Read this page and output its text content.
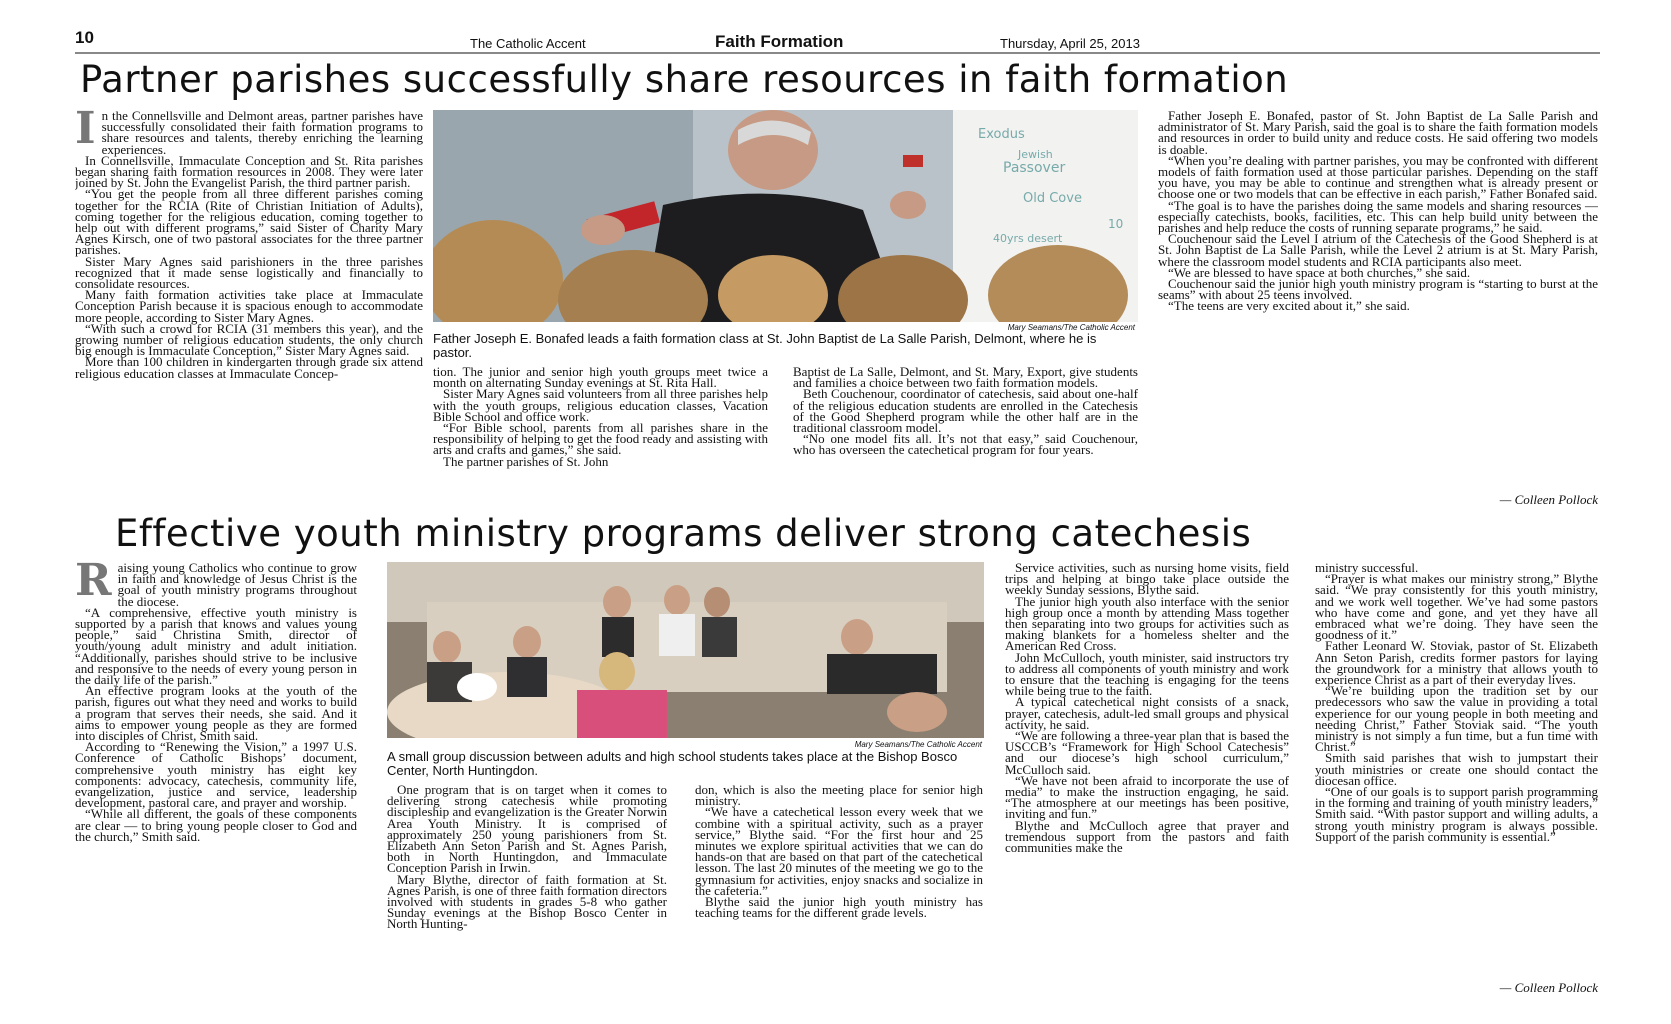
10	The Catholic Accent	Faith Formation	Thursday, April 25, 2013
Partner parishes successfully share resources in faith formation
I n the Connellsville and Delmont areas, partner parishes have successfully consolidated their faith formation programs to share resources and talents, thereby enriching the learning experiences.

In Connellsville, Immaculate Conception and St. Rita parishes began sharing faith formation resources in 2008. They were later joined by St. John the Evangelist Parish, the third partner parish.

“You get the people from all three different parishes coming together for the RCIA (Rite of Christian Initiation of Adults), coming together for the religious education, coming together to help out with different programs,” said Sister of Charity Mary Agnes Kirsch, one of two pastoral associates for the three partner parishes.

Sister Mary Agnes said parishioners in the three parishes recognized that it made sense logistically and financially to consolidate resources.

Many faith formation activities take place at Immaculate Conception Parish because it is spacious enough to accommodate more people, according to Sister Mary Agnes.

“With such a crowd for RCIA (31 members this year), and the growing number of religious education students, the only church big enough is Immaculate Conception,” Sister Mary Agnes said.

More than 100 children in kindergarten through grade six attend religious education classes at Immaculate Concep-

Exodus
Jewish
Passover
Old Cove
10
40yrs desert
Mary Seamans/The Catholic Accent
Father Joseph E. Bonafed leads a faith formation class at St. John Baptist de La Salle Parish, Delmont, where he is pastor.

tion. The junior and senior high youth groups meet twice a month on alternating Sunday evenings at St. Rita Hall.

Sister Mary Agnes said volunteers from all three parishes help with the youth groups, religious education classes, Vacation Bible School and office work.

“For Bible school, parents from all parishes share in the responsibility of helping to get the food ready and assisting with arts and crafts and games,” she said.

The partner parishes of St. John

Baptist de La Salle, Delmont, and St. Mary, Export, give students and families a choice between two faith formation models.

Beth Couchenour, coordinator of catechesis, said about one-half of the religious education students are enrolled in the Catechesis of the Good Shepherd program while the other half are in the traditional classroom model.

“No one model fits all. It’s not that easy,” said Couchenour, who has overseen the catechetical program for four years.

Father Joseph E. Bonafed, pastor of St. John Baptist de La Salle Parish and administrator of St. Mary Parish, said the goal is to share the faith formation models and resources in order to build unity and reduce costs. He said offering two models is doable.

“When you’re dealing with partner parishes, you may be confronted with different models of faith formation used at those particular parishes. Depending on the staff you have, you may be able to continue and strengthen what is already present or choose one or two models that can be effective in each parish,” Father Bonafed said.

“The goal is to have the parishes doing the same models and sharing resources — especially catechists, books, facilities, etc. This can help build unity between the parishes and help reduce the costs of running separate programs,” he said.

Couchenour said the Level I atrium of the Catechesis of the Good Shepherd is at St. John Baptist de La Salle Parish, while the Level 2 atrium is at St. Mary Parish, where the classroom model students and RCIA participants also meet.

“We are blessed to have space at both churches,” she said.

Couchenour said the junior high youth ministry program is “starting to burst at the seams” with about 25 teens involved.

“The teens are very excited about it,” she said.

— Colleen Pollock
Effective youth ministry programs deliver strong catechesis
R aising young Catholics who continue to grow in faith and knowledge of Jesus Christ is the goal of youth ministry programs throughout the diocese.

“A comprehensive, effective youth ministry is supported by a parish that knows and values young people,” said Christina Smith, director of youth/young adult ministry and adult initiation. “Additionally, parishes should strive to be inclusive and responsive to the needs of every young person in the daily life of the parish.”

An effective program looks at the youth of the parish, figures out what they need and works to build a program that serves their needs, she said. And it aims to empower young people as they are formed into disciples of Christ, Smith said.

According to “Renewing the Vision,” a 1997 U.S. Conference of Catholic Bishops’ document, comprehensive youth ministry has eight key components: advocacy, catechesis, community life, evangelization, justice and service, leadership development, pastoral care, and prayer and worship.

“While all different, the goals of these components are clear — to bring young people closer to God and the church,” Smith said.

Mary Seamans/The Catholic Accent
A small group discussion between adults and high school students takes place at the Bishop Bosco Center, North Huntingdon.

One program that is on target when it comes to delivering strong catechesis while promoting discipleship and evangelization is the Greater Norwin Area Youth Ministry. It is comprised of approximately 250 young parishioners from St. Elizabeth Ann Seton Parish and St. Agnes Parish, both in North Huntingdon, and Immaculate Conception Parish in Irwin.

Mary Blythe, director of faith formation at St. Agnes Parish, is one of three faith formation directors involved with students in grades 5-8 who gather Sunday evenings at the Bishop Bosco Center in North Hunting-

don, which is also the meeting place for senior high ministry.

“We have a catechetical lesson every week that we combine with a spiritual activity, such as a prayer service,” Blythe said. “For the first hour and 25 minutes we explore spiritual activities that we can do hands-on that are based on that part of the catechetical lesson. The last 20 minutes of the meeting we go to the gymnasium for activities, enjoy snacks and socialize in the cafeteria.”

Blythe said the junior high youth ministry has teaching teams for the different grade levels.

Service activities, such as nursing home visits, field trips and helping at bingo take place outside the weekly Sunday sessions, Blythe said.

The junior high youth also interface with the senior high group once a month by attending Mass together then separating into two groups for activities such as making blankets for a homeless shelter and the American Red Cross.

John McCulloch, youth minister, said instructors try to address all components of youth ministry and work to ensure that the teaching is engaging for the teens while being true to the faith.

A typical catechetical night consists of a snack, prayer, catechesis, adult-led small groups and physical activity, he said.

“We are following a three-year plan that is based the USCCB’s “Framework for High School Catechesis” and our diocese’s high school curriculum,” McCulloch said.

“We have not been afraid to incorporate the use of media” to make the instruction engaging, he said. “The atmosphere at our meetings has been positive, inviting and fun.”

Blythe and McCulloch agree that prayer and tremendous support from the pastors and faith communities make the

ministry successful.

“Prayer is what makes our ministry strong,” Blythe said. “We pray consistently for this youth ministry, and we work well together. We’ve had some pastors who have come and gone, and yet they have all embraced what we’re doing. They have seen the goodness of it.”

Father Leonard W. Stoviak, pastor of St. Elizabeth Ann Seton Parish, credits former pastors for laying the groundwork for a ministry that allows youth to experience Christ as a part of their everyday lives.

“We’re building upon the tradition set by our predecessors who saw the value in providing a total experience for our young people in both meeting and needing Christ,” Father Stoviak said. “The youth ministry is not simply a fun time, but a fun time with Christ.”

Smith said parishes that wish to jumpstart their youth ministries or create one should contact the diocesan office.

“One of our goals is to support parish programming in the forming and training of youth ministry leaders,” Smith said. “With pastor support and willing adults, a strong youth ministry program is always possible. Support of the parish community is essential.”

— Colleen Pollock
